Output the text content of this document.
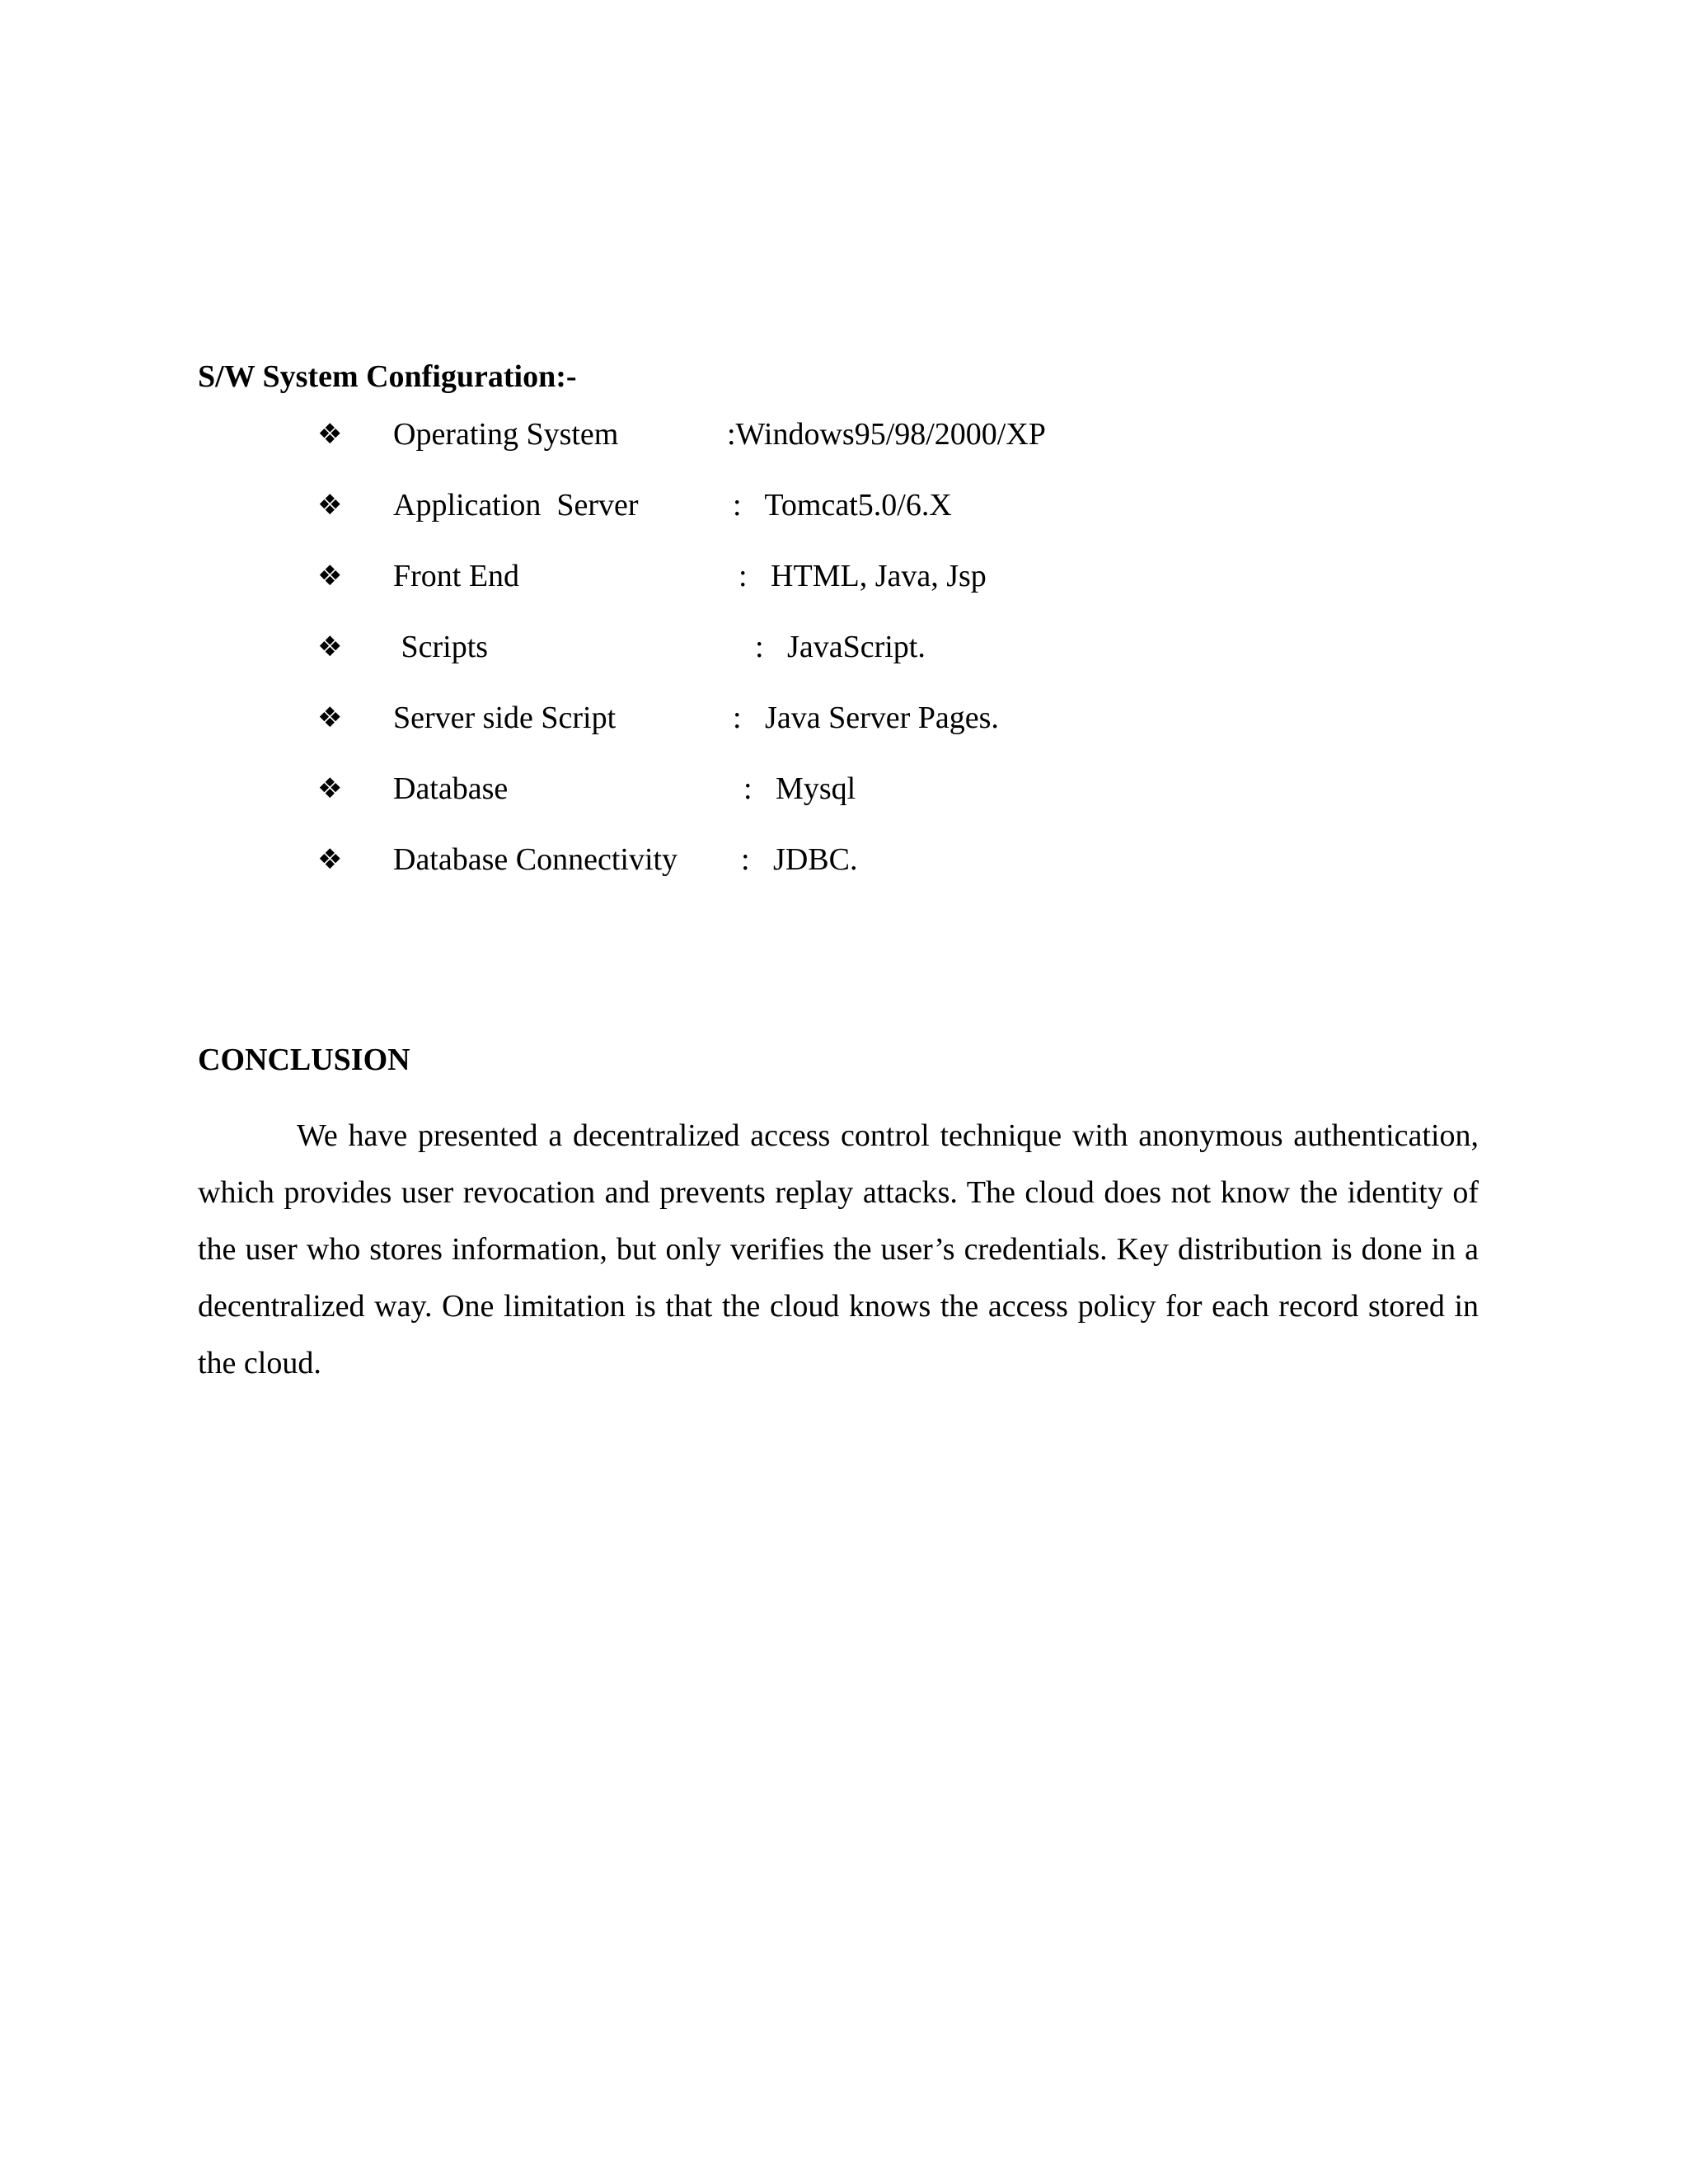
S/W System Configuration:-
❖ Operating System	:Windows95/98/2000/XP
❖ Application  Server	:   Tomcat5.0/6.X
❖ Front End	:   HTML, Java, Jsp
❖ Scripts	:   JavaScript.
❖ Server side Script	:   Java Server Pages.
❖ Database	:   Mysql
❖ Database Connectivity :   JDBC.
CONCLUSION

We have presented a decentralized access control technique with anonymous authentication, which provides user revocation and prevents replay attacks. The cloud does not know the identity of the user who stores information, but only verifies the user’s credentials. Key distribution is done in a decentralized way. One limitation is that the cloud knows the access policy for each record stored in the cloud.
